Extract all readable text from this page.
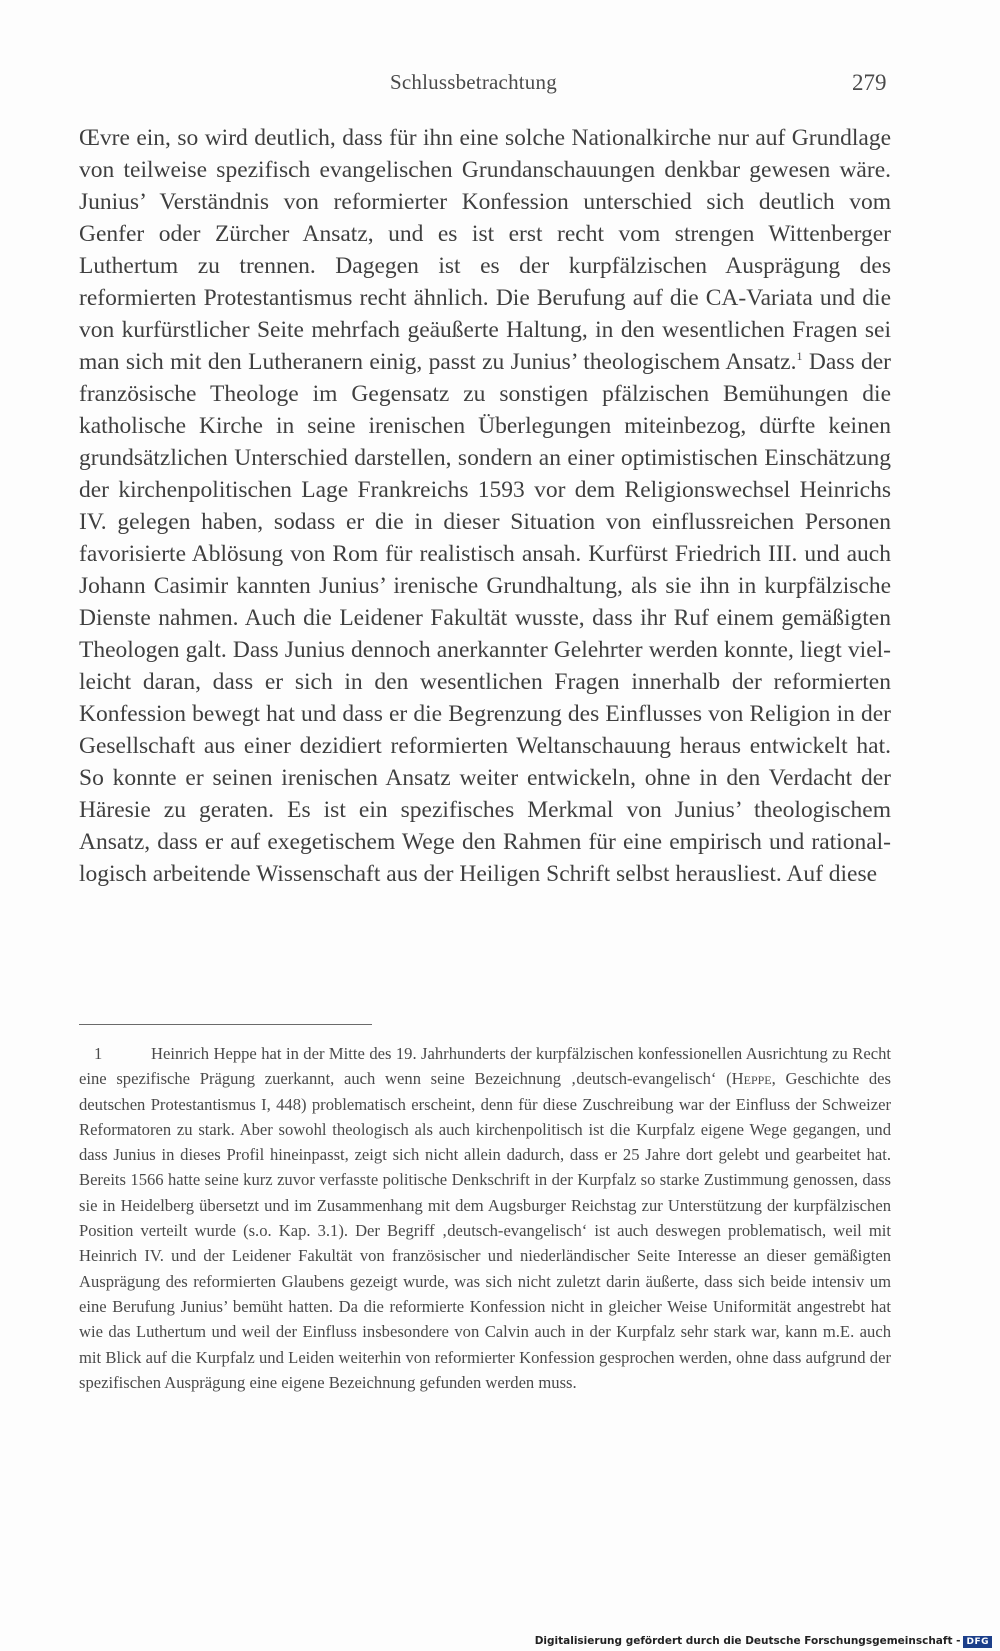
Schlussbetrachtung	279

Œvre ein, so wird deutlich, dass für ihn eine solche Nationalkirche nur auf Grundlage von teilweise spezifisch evangelischen Grundanschauungen denkbar gewesen wäre. Junius’ Verständnis von reformierter Konfession unterschied sich deutlich vom Genfer oder Zürcher Ansatz, und es ist erst recht vom strengen Wittenberger Luthertum zu trennen. Dagegen ist es der kurpfälzischen Ausprägung des reformierten Protestantismus recht ähnlich. Die Berufung auf die CA-Variata und die von kurfürstlicher Seite mehrfach geäußerte Haltung, in den wesentlichen Fragen sei man sich mit den Lutheranern einig, passt zu Junius’ theologischem Ansatz.$^1$ Dass der französische Theologe im Gegensatz zu sonstigen pfälzischen Bemühungen die katholische Kirche in seine irenischen Überlegungen miteinbezog, dürfte keinen grundsätzlichen Unterschied darstellen, sondern an einer optimistischen Einschätzung der kirchenpolitischen Lage Frankreichs 1593 vor dem Religionswechsel Heinrichs IV. gelegen haben, sodass er die in dieser Situation von einflussreichen Personen favorisierte Ablösung von Rom für realistisch ansah. Kurfürst Friedrich III. und auch Johann Casimir kannten Junius’ irenische Grundhaltung, als sie ihn in kurpfälzische Dienste nahmen. Auch die Leidener Fakultät wusste, dass ihr Ruf einem gemäßigten Theologen galt. Dass Junius dennoch anerkannter Gelehrter werden konnte, liegt vielleicht daran, dass er sich in den wesentlichen Fragen innerhalb der reformierten Konfession bewegt hat und dass er die Begrenzung des Einflusses von Religion in der Gesellschaft aus einer dezidiert reformierten Weltanschauung heraus entwickelt hat. So konnte er seinen irenischen Ansatz weiter entwickeln, ohne in den Verdacht der Häresie zu geraten. Es ist ein spezifisches Merkmal von Junius’ theologischem Ansatz, dass er auf exegetischem Wege den Rahmen für eine empirisch und rational-logisch arbeitende Wissenschaft aus der Heiligen Schrift selbst herausliest. Auf diese

1	Heinrich Heppe hat in der Mitte des 19. Jahrhunderts der kurpfälzischen konfessionellen Ausrichtung zu Recht eine spezifische Prägung zuerkannt, auch wenn seine Bezeichnung ‚deutsch-evangelisch‘ (Heppe, Geschichte des deutschen Protestantismus I, 448) problematisch erscheint, denn für diese Zuschreibung war der Einfluss der Schweizer Reformatoren zu stark. Aber sowohl theologisch als auch kirchenpolitisch ist die Kurpfalz eigene Wege gegangen, und dass Junius in dieses Profil hineinpasst, zeigt sich nicht allein dadurch, dass er 25 Jahre dort gelebt und gearbeitet hat. Bereits 1566 hatte seine kurz zuvor verfasste politische Denkschrift in der Kurpfalz so starke Zustimmung genossen, dass sie in Heidelberg übersetzt und im Zusammenhang mit dem Augsburger Reichstag zur Unterstützung der kurpfälzischen Position verteilt wurde (s.o. Kap. 3.1). Der Begriff ‚deutsch-evangelisch‘ ist auch deswegen problematisch, weil mit Heinrich IV. und der Leidener Fakultät von französischer und niederländischer Seite Interesse an dieser gemäßigten Ausprägung des reformierten Glaubens gezeigt wurde, was sich nicht zuletzt darin äußerte, dass sich beide intensiv um eine Berufung Junius’ bemüht hatten. Da die reformierte Konfession nicht in gleicher Weise Uniformität angestrebt hat wie das Luthertum und weil der Einfluss insbesondere von Calvin auch in der Kurpfalz sehr stark war, kann m.E. auch mit Blick auf die Kurpfalz und Leiden weiterhin von reformierter Konfession gesprochen werden, ohne dass aufgrund der spezifischen Ausprägung eine eigene Bezeichnung gefunden werden muss.

Digitalisierung gefördert durch die Deutsche Forschungsgemeinschaft - DFG
